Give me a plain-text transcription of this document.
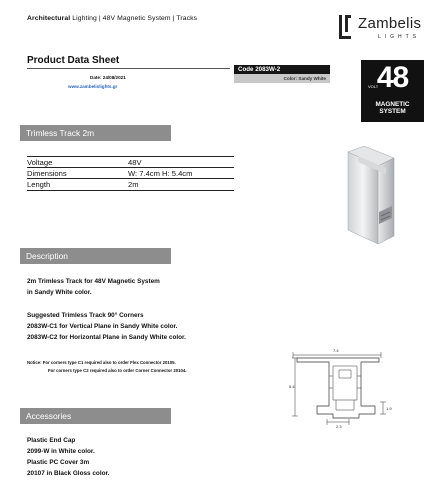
Architectural Lighting | 48V Magnetic System | Tracks	Zambelis
LIGHTS
Product Data Sheet
Date: 24/08/2021
www.zambelislights.gr
Code 2083W-2
Color: Sandy White	48
VOLT
MAGNETIC
SYSTEM
Trimless Track 2m
Voltage	48V
Dimensions	W: 7.4cm H: 5.4cm
Length	2m
Description
2m Trimless Track for 48V Magnetic System
in Sandy White color.
Suggested Trimless Track 90° Corners
2083W-C1 for Vertical Plane in Sandy White color.
2083W-C2 for Horizontal Plane in Sandy White color.
Notice: For corners type C1 required also to order Flex Connector 20105.
For corners type C2 required also to order Corner Connector 20104.
7.4
5.4
2.3
1.9
Accessories
Plastic End Cap
2099-W in White color.
Plastic PC Cover 3m
20107 in Black Gloss color.
